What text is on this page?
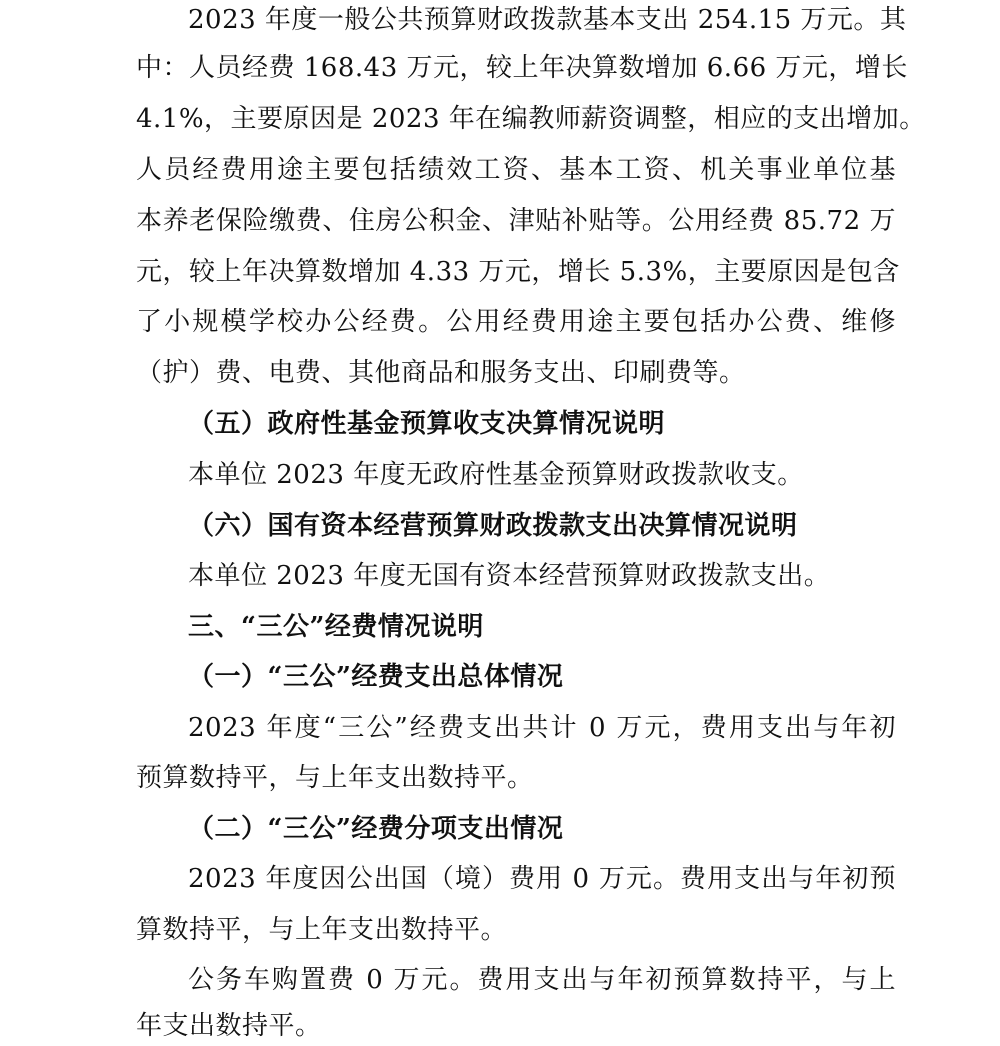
2023 年度一般公共预算财政拨款基本支出 254.15 万元。其
中：人员经费 168.43 万元，较上年决算数增加 6.66 万元，增长
4.1%，主要原因是 2023 年在编教师薪资调整，相应的支出增加。
人员经费用途主要包括绩效工资、基本工资、机关事业单位基
本养老保险缴费、住房公积金、津贴补贴等。公用经费 85.72 万
元，较上年决算数增加 4.33 万元，增长 5.3%，主要原因是包含
了小规模学校办公经费。公用经费用途主要包括办公费、维修
（护）费、电费、其他商品和服务支出、印刷费等。
（五）政府性基金预算收支决算情况说明
本单位 2023 年度无政府性基金预算财政拨款收支。
（六）国有资本经营预算财政拨款支出决算情况说明
本单位 2023 年度无国有资本经营预算财政拨款支出。
三、“三公”经费情况说明
（一）“三公”经费支出总体情况
2023 年度“三公”经费支出共计 0 万元，费用支出与年初
预算数持平，与上年支出数持平。
（二）“三公”经费分项支出情况
2023 年度因公出国（境）费用 0 万元。费用支出与年初预
算数持平，与上年支出数持平。
公务车购置费 0 万元。费用支出与年初预算数持平，与上
年支出数持平。
